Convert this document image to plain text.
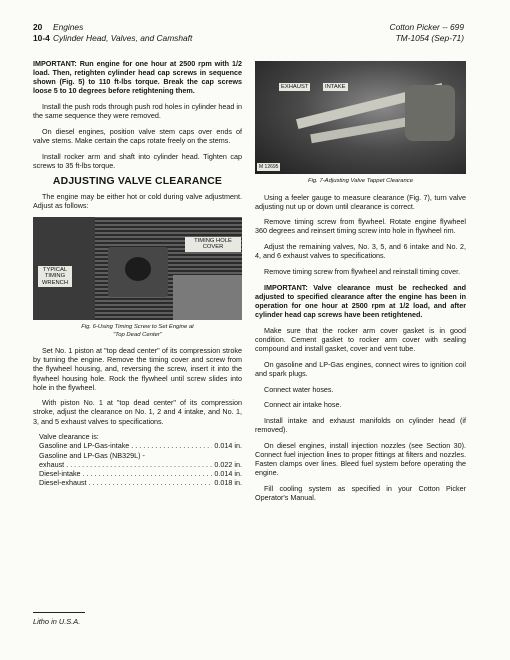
20 Engines
10-4 Cylinder Head, Valves, and Camshaft
Cotton Picker -- 699
TM-1054 (Sep-71)

IMPORTANT: Run engine for one hour at 2500 rpm with 1/2 load. Then, retighten cylinder head cap screws in sequence shown (Fig. 5) to 110 ft-lbs torque. Break the cap screws loose 5 to 10 degrees before retightening them.

Install the push rods through push rod holes in cylinder head in the same sequence they were removed.

On diesel engines, position valve stem caps over ends of valve stems. Make certain the caps rotate freely on the stems.

Install rocker arm and shaft into cylinder head. Tighten cap screws to 35 ft-lbs torque.

ADJUSTING VALVE CLEARANCE

The engine may be either hot or cold during valve adjustment. Adjust as follows:

TIMING HOLE COVER
TYPICAL TIMING WRENCH
Fig. 6-Using Timing Screw to Set Engine at
"Top Dead Center"

Set No. 1 piston at "top dead center" of its compression stroke by turning the engine. Remove the timing cover and screw from the flywheel housing, and, reversing the screw, insert it into the flywheel housing hole. Rock the flywheel until screw slides into hole in the flywheel.

With piston No. 1 at "top dead center" of its compression stroke, adjust the clearance on No. 1, 2 and 4 intake, and No. 1, 3, and 5 exhaust valves to specifications.

Valve clearance is:
Gasoline and LP-Gas-intake . . .	0.014 in.
Gasoline and LP-Gas (NB329L) -
exhaust . . .	0.022 in.
Diesel-intake . . .	0.014 in.
Diesel-exhaust . . .	0.018 in.
EXHAUST	INTAKE
M 12695
Fig. 7-Adjusting Valve Tappet Clearance

Using a feeler gauge to measure clearance (Fig. 7), turn valve adjusting nut up or down until clearance is correct.

Remove timing screw from flywheel. Rotate engine flywheel 360 degrees and reinsert timing screw into hole in flywheel rim.

Adjust the remaining valves, No. 3, 5, and 6 intake and No. 2, 4, and 6 exhaust valves to specifications.

Remove timing screw from flywheel and reinstall timing cover.

IMPORTANT: Valve clearance must be rechecked and adjusted to specified clearance after the engine has been in operation for one hour at 2500 rpm at 1/2 load, and after cylinder head cap screws have been retightened.

Make sure that the rocker arm cover gasket is in good condition. Cement gasket to rocker arm cover with sealing compound and install gasket, cover and vent tube.

On gasoline and LP-Gas engines, connect wires to ignition coil and spark plugs.

Connect water hoses.

Connect air intake hose.

Install intake and exhaust manifolds on cylinder head (if removed).

On diesel engines, install injection nozzles (see Section 30). Connect fuel injection lines to proper fittings at filters and nozzles. Fasten clamps over lines. Bleed fuel system before operating the engine.

Fill cooling system as specified in your Cotton Picker Operator's Manual.

Litho in U.S.A.
